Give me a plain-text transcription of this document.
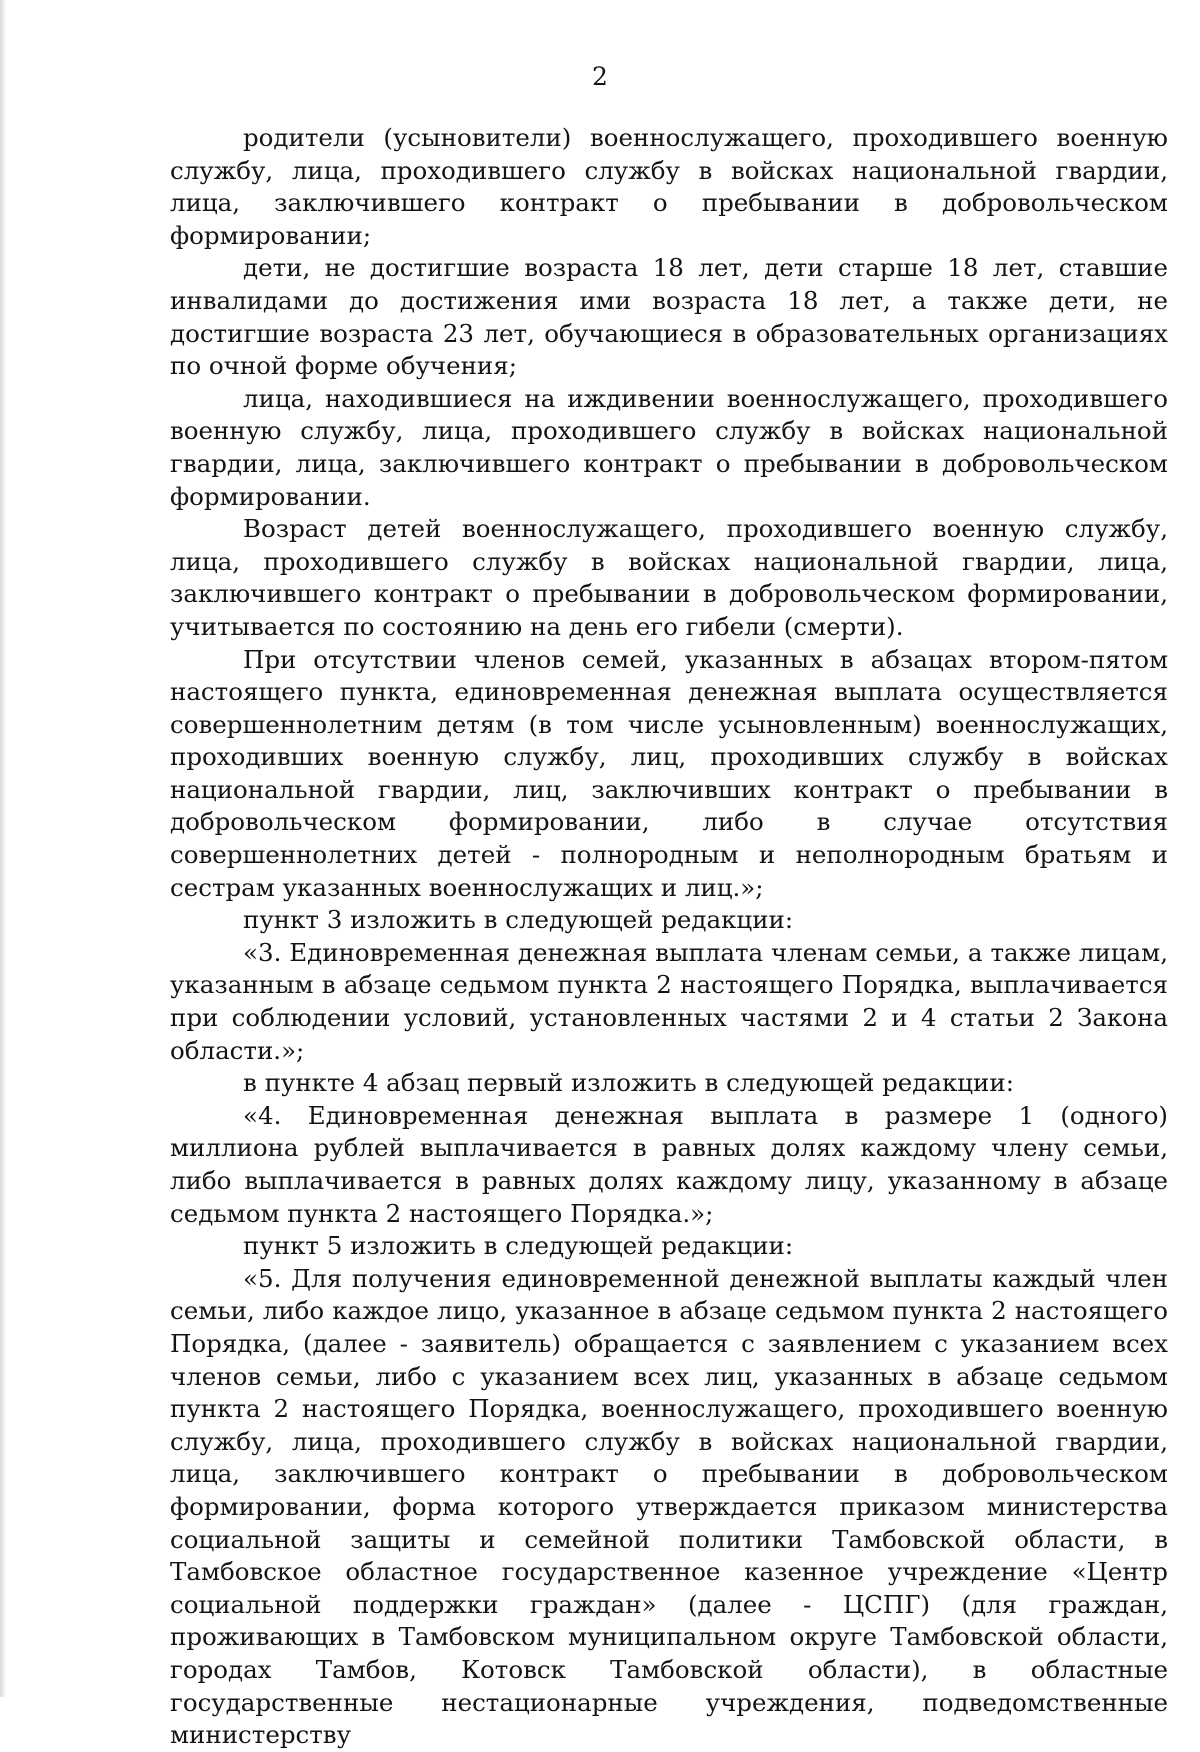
2

родители (усыновители) военнослужащего, проходившего военную службу, лица, проходившего службу в войсках национальной гвардии, лица, заключившего контракт о пребывании в добровольческом формировании;

дети, не достигшие возраста 18 лет, дети старше 18 лет, ставшие инвалидами до достижения ими возраста 18 лет, а также дети, не достигшие возраста 23 лет, обучающиеся в образовательных организациях по очной форме обучения;

лица, находившиеся на иждивении военнослужащего, проходившего военную службу, лица, проходившего службу в войсках национальной гвардии, лица, заключившего контракт о пребывании в добровольческом формировании.

Возраст детей военнослужащего, проходившего военную службу, лица, проходившего службу в войсках национальной гвардии, лица, заключившего контракт о пребывании в добровольческом формировании, учитывается по состоянию на день его гибели (смерти).

При отсутствии членов семей, указанных в абзацах втором-пятом настоящего пункта, единовременная денежная выплата осуществляется совершеннолетним детям (в том числе усыновленным) военнослужащих, проходивших военную службу, лиц, проходивших службу в войсках национальной гвардии, лиц, заключивших контракт о пребывании в добровольческом формировании, либо в случае отсутствия совершеннолетних детей - полнородным и неполнородным братьям и сестрам указанных военнослужащих и лиц.»;

пункт 3 изложить в следующей редакции:

«3. Единовременная денежная выплата членам семьи, а также лицам, указанным в абзаце седьмом пункта 2 настоящего Порядка, выплачивается при соблюдении условий, установленных частями 2 и 4 статьи 2 Закона области.»;

в пункте 4 абзац первый изложить в следующей редакции:

«4. Единовременная денежная выплата в размере 1 (одного) миллиона рублей выплачивается в равных долях каждому члену семьи, либо выплачивается в равных долях каждому лицу, указанному в абзаце седьмом пункта 2 настоящего Порядка.»;

пункт 5 изложить в следующей редакции:

«5. Для получения единовременной денежной выплаты каждый член семьи, либо каждое лицо, указанное в абзаце седьмом пункта 2 настоящего Порядка, (далее - заявитель) обращается с заявлением с указанием всех членов семьи, либо с указанием всех лиц, указанных в абзаце седьмом пункта 2 настоящего Порядка, военнослужащего, проходившего военную службу, лица, проходившего службу в войсках национальной гвардии, лица, заключившего контракт о пребывании в добровольческом формировании, форма которого утверждается приказом министерства социальной защиты и семейной политики Тамбовской области, в Тамбовское областное государственное казенное учреждение «Центр социальной поддержки граждан» (далее - ЦСПГ) (для граждан, проживающих в Тамбовском муниципальном округе Тамбовской области, городах Тамбов, Котовск Тамбовской области), в областные государственные нестационарные учреждения, подведомственные министерству
